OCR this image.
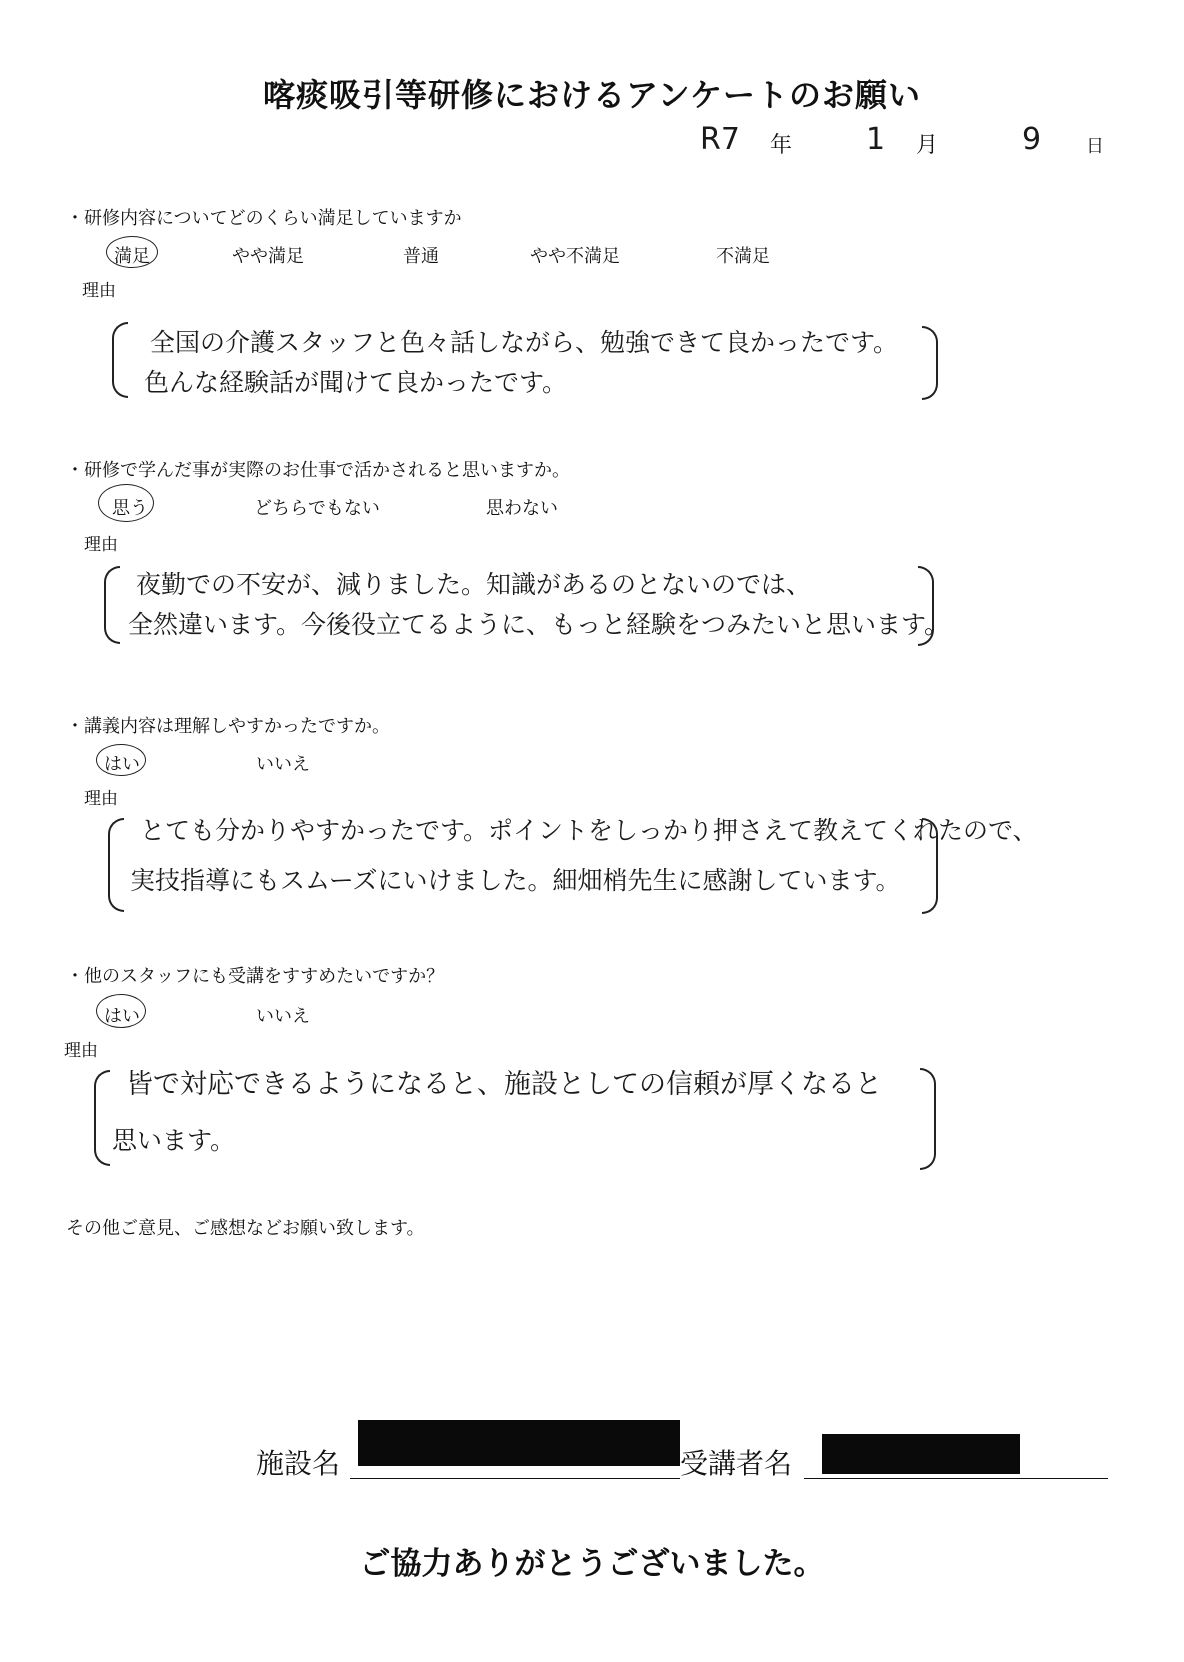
喀痰吸引等研修におけるアンケートのお願い
R7 年 1 月	9 日
・研修内容についてどのくらい満足していますか
満足	やや満足	普通	やや不満足	不満足
理由
全国の介護スタッフと色々話しながら、勉強できて良かったです。
色んな経験話が聞けて良かったです。
・研修で学んだ事が実際のお仕事で活かされると思いますか。
思う	どちらでもない	思わない
理由
夜勤での不安が、減りました。知識があるのとないのでは、
全然違います。今後役立てるように、もっと経験をつみたいと思います。
・講義内容は理解しやすかったですか。
はい	いいえ
理由
とても分かりやすかったです。ポイントをしっかり押さえて教えてくれたので、
実技指導にもスムーズにいけました。細畑梢先生に感謝しています。
・他のスタッフにも受講をすすめたいですか？
はい	いいえ
理由
皆で対応できるようになると、施設としての信頼が厚くなると
思います。
その他ご意見、ご感想などお願い致します。
施設名	受講者名
ご協力ありがとうございました。
